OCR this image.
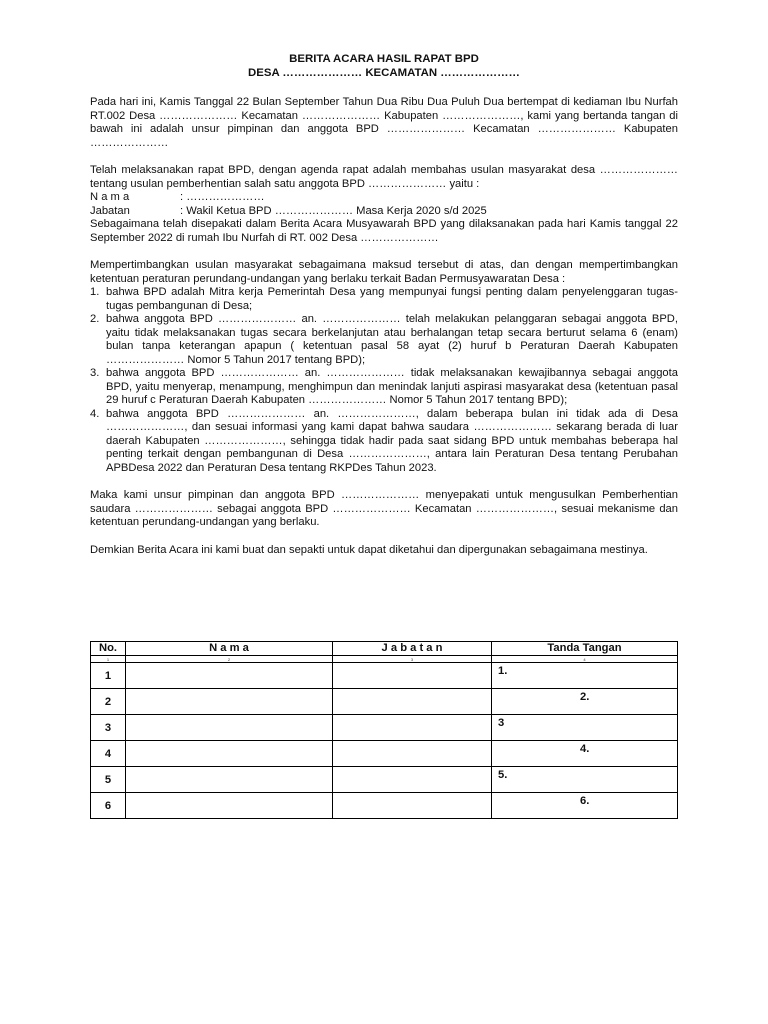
BERITA ACARA HASIL RAPAT BPD
DESA ………………… KECAMATAN …………………

Pada hari ini, Kamis Tanggal 22 Bulan September Tahun Dua Ribu Dua Puluh Dua bertempat di kediaman Ibu Nurfah RT.002 Desa ………………… Kecamatan ………………… Kabupaten …………………, kami yang bertanda tangan di bawah ini adalah unsur pimpinan dan anggota BPD ………………… Kecamatan ………………… Kabupaten …………………

Telah melaksanakan rapat BPD, dengan agenda rapat adalah membahas usulan masyarakat desa ………………… tentang usulan pemberhentian salah satu anggota BPD ………………… yaitu :

N a m a	: …………………
Jabatan	: Wakil Ketua BPD ………………… Masa Kerja 2020 s/d 2025

Sebagaimana telah disepakati dalam Berita Acara Musyawarah BPD yang dilaksanakan pada hari Kamis tanggal 22 September 2022 di rumah Ibu Nurfah di RT. 002 Desa …………………

Mempertimbangkan usulan masyarakat sebagaimana maksud tersebut di atas, dan dengan mempertimbangkan ketentuan peraturan perundang-undangan yang berlaku terkait Badan Permusyawaratan Desa :

1. bahwa BPD adalah Mitra kerja Pemerintah Desa yang mempunyai fungsi penting dalam penyelenggaran tugas-tugas pembangunan di Desa;
2. bahwa anggota BPD ………………… an. ………………… telah melakukan pelanggaran sebagai anggota BPD, yaitu tidak melaksanakan tugas secara berkelanjutan atau berhalangan tetap secara berturut selama 6 (enam) bulan tanpa keterangan apapun ( ketentuan pasal 58 ayat (2) huruf b Peraturan Daerah Kabupaten ………………… Nomor 5 Tahun 2017 tentang BPD);
3. bahwa anggota BPD ………………… an. ………………… tidak melaksanakan kewajibannya sebagai anggota BPD, yaitu menyerap, menampung, menghimpun dan menindak lanjuti aspirasi masyarakat desa (ketentuan pasal 29 huruf c Peraturan Daerah Kabupaten ………………… Nomor 5 Tahun 2017 tentang BPD);
4. bahwa anggota BPD ………………… an. …………………, dalam beberapa bulan ini tidak ada di Desa …………………, dan sesuai informasi yang kami dapat bahwa saudara ………………… sekarang berada di luar daerah Kabupaten …………………, sehingga tidak hadir pada saat sidang BPD untuk membahas beberapa hal penting terkait dengan pembangunan di Desa …………………, antara lain Peraturan Desa tentang Perubahan APBDesa 2022 dan Peraturan Desa tentang RKPDes Tahun 2023.

Maka kami unsur pimpinan dan anggota BPD ………………… menyepakati untuk mengusulkan Pemberhentian saudara ………………… sebagai anggota BPD ………………… Kecamatan …………………, sesuai mekanisme dan ketentuan perundang-undangan yang berlaku.

Demkian Berita Acara ini kami buat dan sepakti untuk dapat diketahui dan dipergunakan sebagaimana mestinya.

No.	N a m a	J a b a t a n	Tanda Tangan
1	2	3	4
1			1.

2			2.

3			3

4			4.

5			5.

6			6.
